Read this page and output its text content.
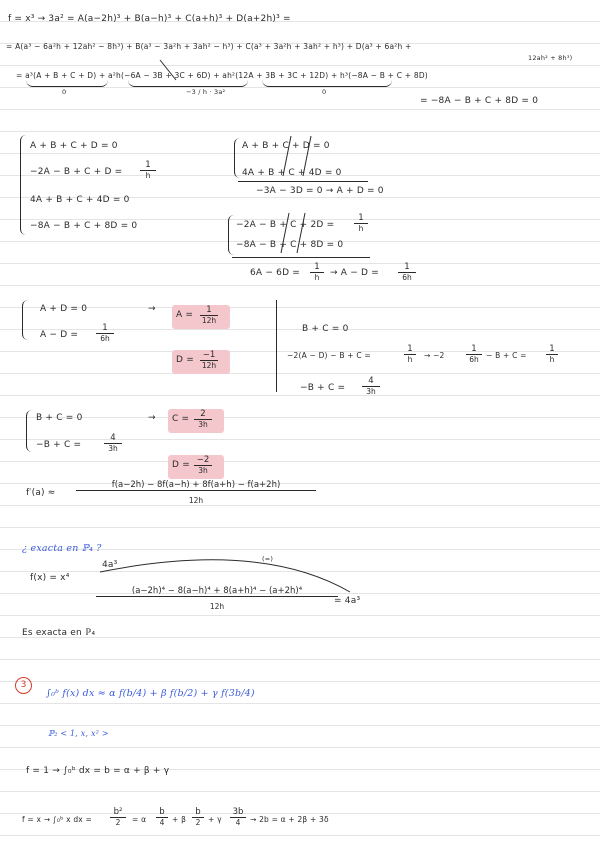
f = x³ → 3a² = A(a−2h)³ + B(a−h)³ + C(a+h)³ + D(a+2h)³ =
= A(a³ − 6a²h + 12ah² − 8h³) + B(a³ − 3a²h + 3ah² − h³) + C(a³ + 3a²h + 3ah² + h³) + D(a³ + 6a²h +
12ah² + 8h³)
= a³(A + B + C + D) + a²h(−6A − 3B + 3C + 6D) + ah²(12A + 3B + 3C + 12D) + h³(−8A − B + C + 8D)
0	−3 / h · 3a²	0
= −8A − B + C + 8D = 0
A + B + C + D = 0
$-2A - B + C + D = \frac{1}{h}$
4A + B + C + 4D = 0
−8A − B + C + 8D = 0
A + B + C + D = 0
4A + B + C + 4D = 0
−3A − 3D = 0 → A + D = 0
$-2A - B + C + 2D = \frac{1}{h}$
−8A − B + C + 8D = 0
$6A - 6D = \frac{1}{h} \to A - D = \frac{1}{6h}$
A + D = 0
$A - D = \frac{1}{6h}$
→
$A = \frac{1}{12h}$
$D = \frac{-1}{12h}$
B + C = 0
−2(A − D) − B + C =	$\frac{1}{h} \to -2$	$\frac{1}{6h} - B + C = \frac{1}{h}$
$-B + C = \frac{4}{3h}$
B + C = 0
−B + C =	$\frac{4}{3h}$
→ $C = \frac{2}{3h}$
$D = \frac{-2}{3h}$
$f'(a) \approx \frac{f(a-2h) - 8f(a-h) + 8f(a+h) - f(a+2h)}{12h}$
¿ exacta en ℙ₄ ?
f(x) = x⁴
4a³
(=)
$\frac{\text{(a−2h)⁴ − 8(a−h)⁴ + 8(a+h)⁴ − (a+2h)⁴}}{12h}$
= 4a³
Es exacta en ℙ₄
3
∫₀ᵇ f(x) dx ≈ α f(b/4) + β f(b/2) + γ f(3b/4)
ℙ₂ < 1, x, x² >
f = 1 → ∫₀ᵇ dx = b = α + β + γ
f = x → ∫₀ᵇ x dx = $\frac{\text{b²}}{2} = \alpha \frac{b}{4} + \beta \frac{b}{2} + \gamma \frac{3b}{4} \to 2b = \alpha + 2\beta + 3\delta$
